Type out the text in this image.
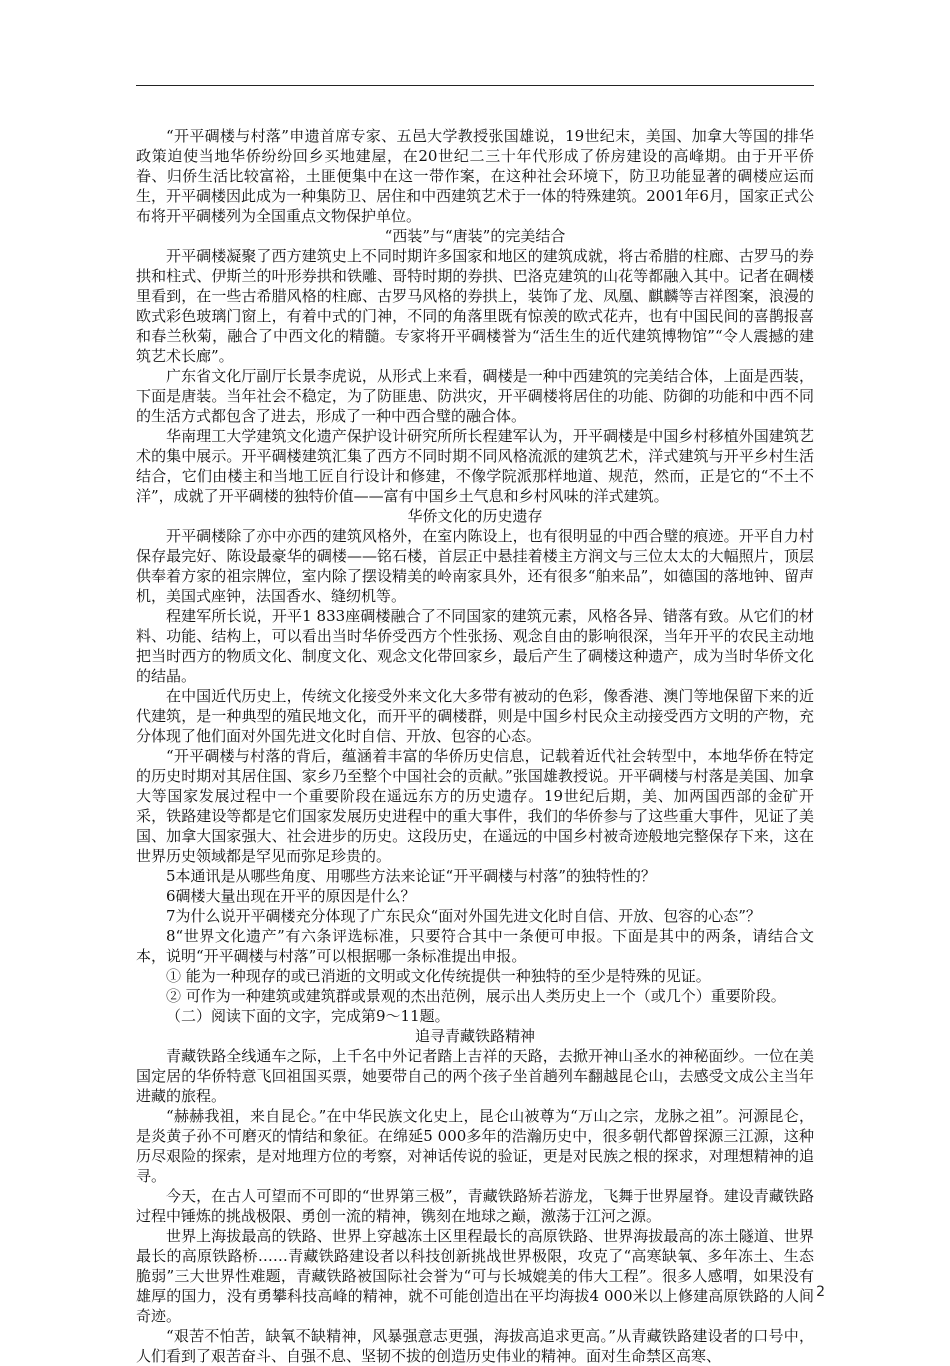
“开平碉楼与村落”申遗首席专家、五邑大学教授张国雄说，19世纪末，美国、加拿大等国的排华政策迫使当地华侨纷纷回乡买地建屋，在20世纪二三十年代形成了侨房建设的高峰期。由于开平侨眷、归侨生活比较富裕，土匪便集中在这一带作案，在这种社会环境下，防卫功能显著的碉楼应运而生，开平碉楼因此成为一种集防卫、居住和中西建筑艺术于一体的特殊建筑。2001年6月，国家正式公布将开平碉楼列为全国重点文物保护单位。

“西装”与“唐装”的完美结合

开平碉楼凝聚了西方建筑史上不同时期许多国家和地区的建筑成就，将古希腊的柱廊、古罗马的券拱和柱式、伊斯兰的叶形券拱和铁雕、哥特时期的券拱、巴洛克建筑的山花等都融入其中。记者在碉楼里看到，在一些古希腊风格的柱廊、古罗马风格的券拱上，装饰了龙、凤凰、麒麟等吉祥图案，浪漫的欧式彩色玻璃门窗上，有着中式的门神，不同的角落里既有惊羡的欧式花卉，也有中国民间的喜鹊报喜和春兰秋菊，融合了中西文化的精髓。专家将开平碉楼誉为“活生生的近代建筑博物馆”“令人震撼的建筑艺术长廊”。

广东省文化厅副厅长景李虎说，从形式上来看，碉楼是一种中西建筑的完美结合体，上面是西装，下面是唐装。当年社会不稳定，为了防匪患、防洪灾，开平碉楼将居住的功能、防御的功能和中西不同的生活方式都包含了进去，形成了一种中西合璧的融合体。

华南理工大学建筑文化遗产保护设计研究所所长程建军认为，开平碉楼是中国乡村移植外国建筑艺术的集中展示。开平碉楼建筑汇集了西方不同时期不同风格流派的建筑艺术，洋式建筑与开平乡村生活结合，它们由楼主和当地工匠自行设计和修建，不像学院派那样地道、规范，然而，正是它的“不土不洋”，成就了开平碉楼的独特价值——富有中国乡土气息和乡村风味的洋式建筑。

华侨文化的历史遗存

开平碉楼除了亦中亦西的建筑风格外，在室内陈设上，也有很明显的中西合璧的痕迹。开平自力村保存最完好、陈设最豪华的碉楼——铭石楼，首层正中悬挂着楼主方润文与三位太太的大幅照片，顶层供奉着方家的祖宗牌位，室内除了摆设精美的岭南家具外，还有很多“舶来品”，如德国的落地钟、留声机，美国式座钟，法国香水、缝纫机等。

程建军所长说，开平1 833座碉楼融合了不同国家的建筑元素，风格各异、错落有致。从它们的材料、功能、结构上，可以看出当时华侨受西方个性张扬、观念自由的影响很深，当年开平的农民主动地把当时西方的物质文化、制度文化、观念文化带回家乡，最后产生了碉楼这种遗产，成为当时华侨文化的结晶。

在中国近代历史上，传统文化接受外来文化大多带有被动的色彩，像香港、澳门等地保留下来的近代建筑，是一种典型的殖民地文化，而开平的碉楼群，则是中国乡村民众主动接受西方文明的产物，充分体现了他们面对外国先进文化时自信、开放、包容的心态。

“开平碉楼与村落的背后，蕴涵着丰富的华侨历史信息，记载着近代社会转型中，本地华侨在特定的历史时期对其居住国、家乡乃至整个中国社会的贡献。”张国雄教授说。开平碉楼与村落是美国、加拿大等国家发展过程中一个重要阶段在遥远东方的历史遗存。19世纪后期，美、加两国西部的金矿开采，铁路建设等都是它们国家发展历史进程中的重大事件，我们的华侨参与了这些重大事件，见证了美国、加拿大国家强大、社会进步的历史。这段历史，在遥远的中国乡村被奇迹般地完整保存下来，这在世界历史领域都是罕见而弥足珍贵的。

5本通讯是从哪些角度、用哪些方法来论证“开平碉楼与村落”的独特性的？

6碉楼大量出现在开平的原因是什么？

7为什么说开平碉楼充分体现了广东民众“面对外国先进文化时自信、开放、包容的心态”？

8“世界文化遗产”有六条评选标准，只要符合其中一条便可申报。下面是其中的两条，请结合文本，说明“开平碉楼与村落”可以根据哪一条标准提出申报。

① 能为一种现存的或已消逝的文明或文化传统提供一种独特的至少是特殊的见证。

② 可作为一种建筑或建筑群或景观的杰出范例，展示出人类历史上一个（或几个）重要阶段。

（二）阅读下面的文字，完成第9～11题。

追寻青藏铁路精神

青藏铁路全线通车之际，上千名中外记者踏上吉祥的天路，去掀开神山圣水的神秘面纱。一位在美国定居的华侨特意飞回祖国买票，她要带自己的两个孩子坐首趟列车翻越昆仑山，去感受文成公主当年进藏的旅程。

“赫赫我祖，来自昆仑。”在中华民族文化史上，昆仑山被尊为“万山之宗，龙脉之祖”。河源昆仑，是炎黄子孙不可磨灭的情结和象征。在绵延5 000多年的浩瀚历史中，很多朝代都曾探源三江源，这种历尽艰险的探索，是对地理方位的考察，对神话传说的验证，更是对民族之根的探求，对理想精神的追寻。

今天，在古人可望而不可即的“世界第三极”，青藏铁路矫若游龙，飞舞于世界屋脊。建设青藏铁路过程中锤炼的挑战极限、勇创一流的精神，镌刻在地球之巅，激荡于江河之源。

世界上海拔最高的铁路、世界上穿越冻土区里程最长的高原铁路、世界海拔最高的冻土隧道、世界最长的高原铁路桥……青藏铁路建设者以科技创新挑战世界极限，攻克了“高寒缺氧、多年冻土、生态脆弱”三大世界性难题，青藏铁路被国际社会誉为“可与长城媲美的伟大工程”。很多人感喟，如果没有雄厚的国力，没有勇攀科技高峰的精神，就不可能创造出在平均海拔4 000米以上修建高原铁路的人间奇迹。

“艰苦不怕苦，缺氧不缺精神，风暴强意志更强，海拔高追求更高。”从青藏铁路建设者的口号中，人们看到了艰苦奋斗、自强不息、坚韧不拔的创造历史伟业的精神。面对生命禁区高寒、

2
